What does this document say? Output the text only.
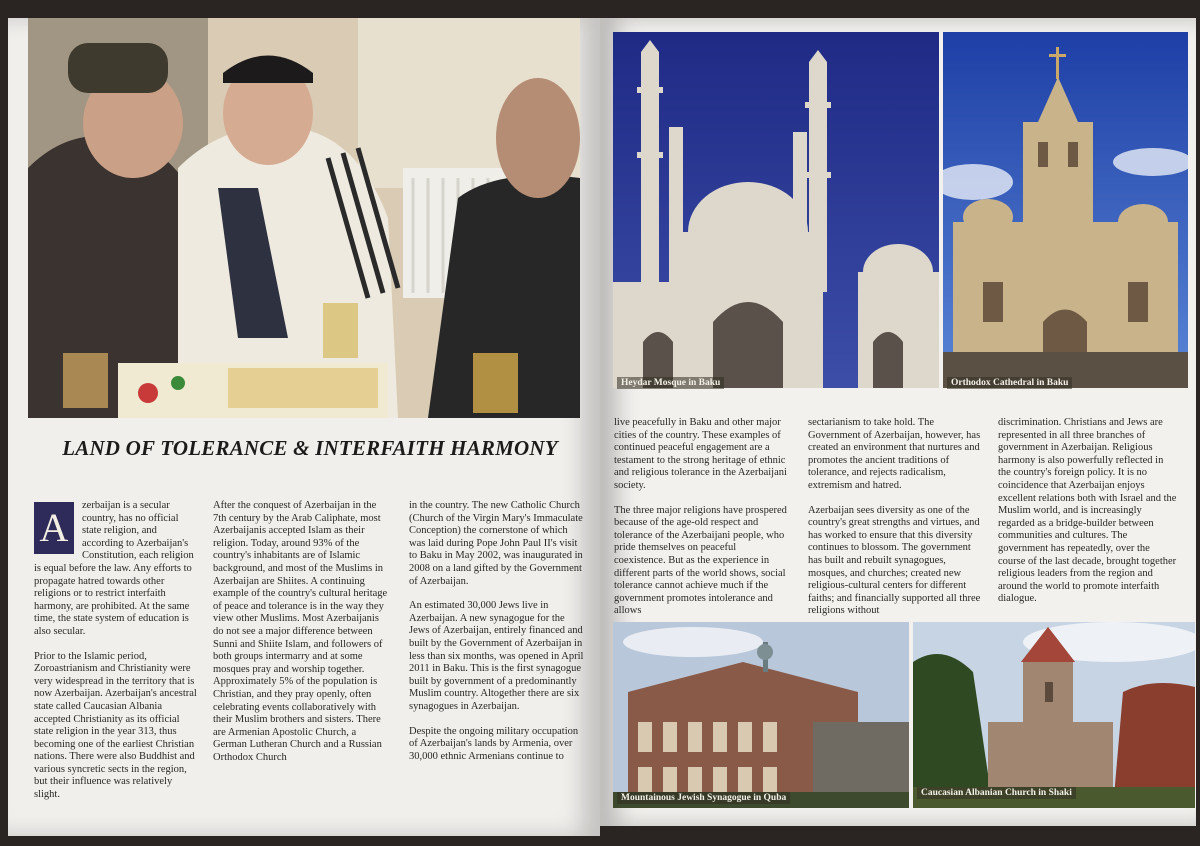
LAND OF TOLERANCE & INTERFAITH HARMONY

A	zerbaijan is a secular country, has no official state religion, and according to Azerbaijan's Constitution, each religion is equal before the law. Any efforts to propagate hatred towards other religions or to restrict interfaith harmony, are prohibited. At the same time, the state system of education is also secular.

Prior to the Islamic period, Zoroastrianism and Christianity were very widespread in the territory that is now Azerbaijan. Azerbaijan's ancestral state called Caucasian Albania accepted Christianity as its official state religion in the year 313, thus becoming one of the earliest Christian nations. There were also Buddhist and various syncretic sects in the region, but their influence was relatively slight.

After the conquest of Azerbaijan in the 7th century by the Arab Caliphate, most Azerbaijanis accepted Islam as their religion. Today, around 93% of the country's inhabitants are of Islamic background, and most of the Muslims in Azerbaijan are Shiites. A continuing example of the country's cultural heritage of peace and tolerance is in the way they view other Muslims. Most Azerbaijanis do not see a major difference between Sunni and Shiite Islam, and followers of both groups intermarry and at some mosques pray and worship together. Approximately 5% of the population is Christian, and they pray openly, often celebrating events collaboratively with their Muslim brothers and sisters. There are Armenian Apostolic Church, a German Lutheran Church and a Russian Orthodox Church

in the country. The new Catholic Church (Church of the Virgin Mary's Immaculate Conception) the cornerstone of which was laid during Pope John Paul II's visit to Baku in May 2002, was inaugurated in 2008 on a land gifted by the Government of Azerbaijan.

An estimated 30,000 Jews live in Azerbaijan. A new synagogue for the Jews of Azerbaijan, entirely financed and built by the Government of Azerbaijan in less than six months, was opened in April 2011 in Baku. This is the first synagogue built by government of a predominantly Muslim country. Altogether there are six synagogues in Azerbaijan.

Despite the ongoing military occupation of Azerbaijan's lands by Armenia, over 30,000 ethnic Armenians continue to

Heydar Mosque in Baku	Orthodox Cathedral in Baku

live peacefully in Baku and other major cities of the country. These examples of continued peaceful engagement are a testament to the strong heritage of ethnic and religious tolerance in the Azerbaijani society.

The three major religions have prospered because of the age-old respect and tolerance of the Azerbaijani people, who pride themselves on peaceful coexistence. But as the experience in different parts of the world shows, social tolerance cannot achieve much if the government promotes intolerance and allows

sectarianism to take hold. The Government of Azerbaijan, however, has created an environment that nurtures and promotes the ancient traditions of tolerance, and rejects radicalism, extremism and hatred.

Azerbaijan sees diversity as one of the country's great strengths and virtues, and has worked to ensure that this diversity continues to blossom. The government has built and rebuilt synagogues, mosques, and churches; created new religious-cultural centers for different faiths; and financially supported all three religions without

discrimination. Christians and Jews are represented in all three branches of government in Azerbaijan. Religious harmony is also powerfully reflected in the country's foreign policy. It is no coincidence that Azerbaijan enjoys excellent relations both with Israel and the Muslim world, and is increasingly regarded as a bridge-builder between communities and cultures. The government has repeatedly, over the course of the last decade, brought together religious leaders from the region and around the world to promote interfaith dialogue.

Mountainous Jewish Synagogue in Quba	Caucasian Albanian Church in Shaki
